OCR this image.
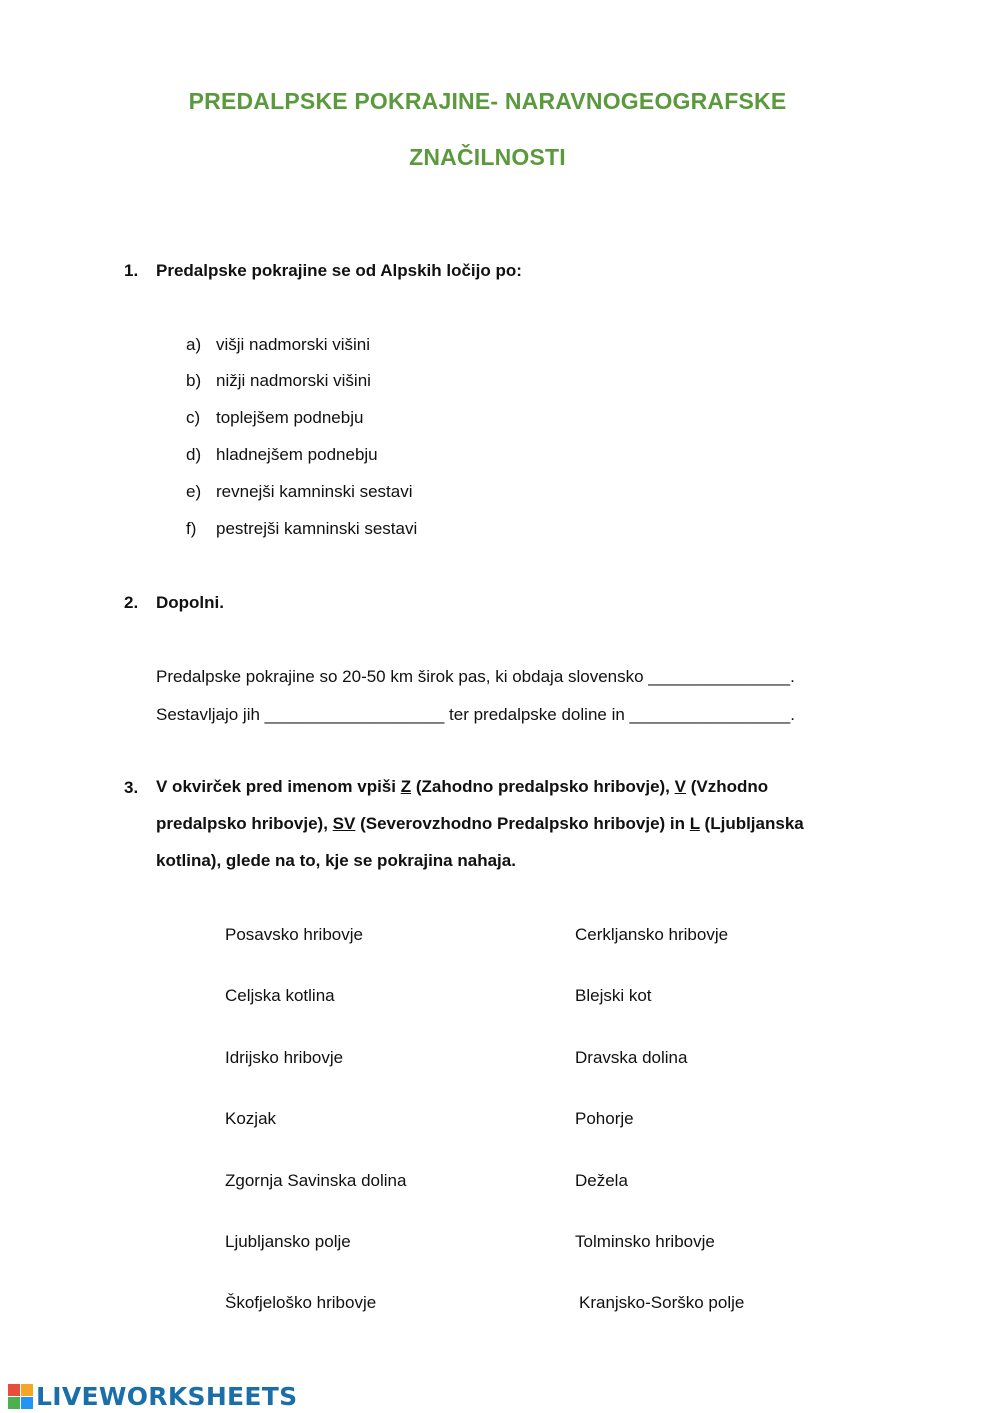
PREDALPSKE POKRAJINE- NARAVNOGEOGRAFSKE
ZNAČILNOSTI
1. Predalpske pokrajine se od Alpskih ločijo po:
a) višji nadmorski višini
b) nižji nadmorski višini
c) toplejšem podnebju
d) hladnejšem podnebju
e) revnejši kamninski sestavi
f) pestrejši kamninski sestavi
2. Dopolni.
Predalpske pokrajine so 20-50 km širok pas, ki obdaja slovensko _______________.
Sestavljajo jih ___________________ ter predalpske doline in _________________.
3. V okvirček pred imenom vpiši Z (Zahodno predalpsko hribovje), V (Vzhodno predalpsko hribovje), SV (Severovzhodno Predalpsko hribovje) in L (Ljubljanska kotlina), glede na to, kje se pokrajina nahaja.
Posavsko hribovje
Celjska kotlina
Idrijsko hribovje
Kozjak
Zgornja Savinska dolina
Ljubljansko polje
Škofjeloško hribovje
Cerkljansko hribovje
Blejski kot
Dravska dolina
Pohorje
Dežela
Tolminsko hribovje
Kranjsko-Sorško polje
LIVEWORKSHEETS
